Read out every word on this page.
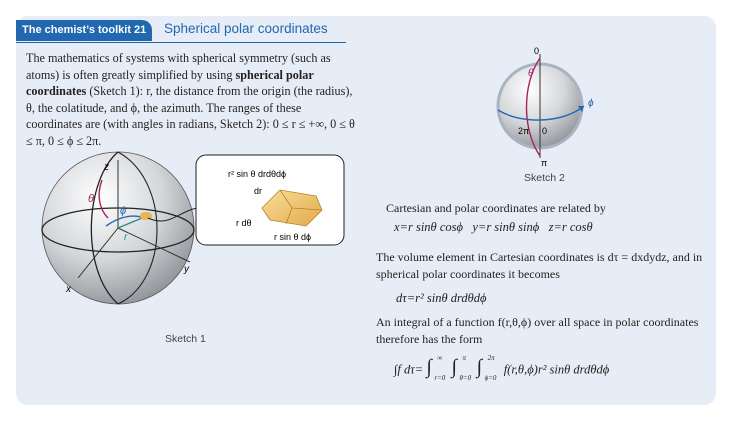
The chemist’s toolkit 21	Spherical polar coordinates
The mathematics of systems with spherical symmetry (such as atoms) is often greatly simplified by using spherical polar coordinates (Sketch 1): r, the distance from the origin (the radius), θ, the colatitude, and ϕ, the azimuth. The ranges of these coordinates are (with angles in radians, Sketch 2): 0 ≤ r ≤ +∞, 0 ≤ θ ≤ π, 0 ≤ ϕ ≤ 2π.
z
θ
ϕ
r
y
x
r² sin θ drdθdϕ
dr
r dθ
r sin θ dϕ
Sketch 1
0
θ
ϕ
2π 0
π
Sketch 2
Cartesian and polar coordinates are related by
x=r sinθ cosϕ   y=r sinθ sinϕ   z=r cosθ
The volume element in Cartesian coordinates is dτ = dxdydz, and in spherical polar coordinates it becomes
dτ=r² sinθ drdθdϕ
An integral of a function f(r,θ,ϕ) over all space in polar coordinates therefore has the form
∫f dτ= ∫ ∞
r=0
∫ π
θ=0
∫ 2π
ϕ=0
f(r,θ,ϕ)r² sinθ drdθdϕ
